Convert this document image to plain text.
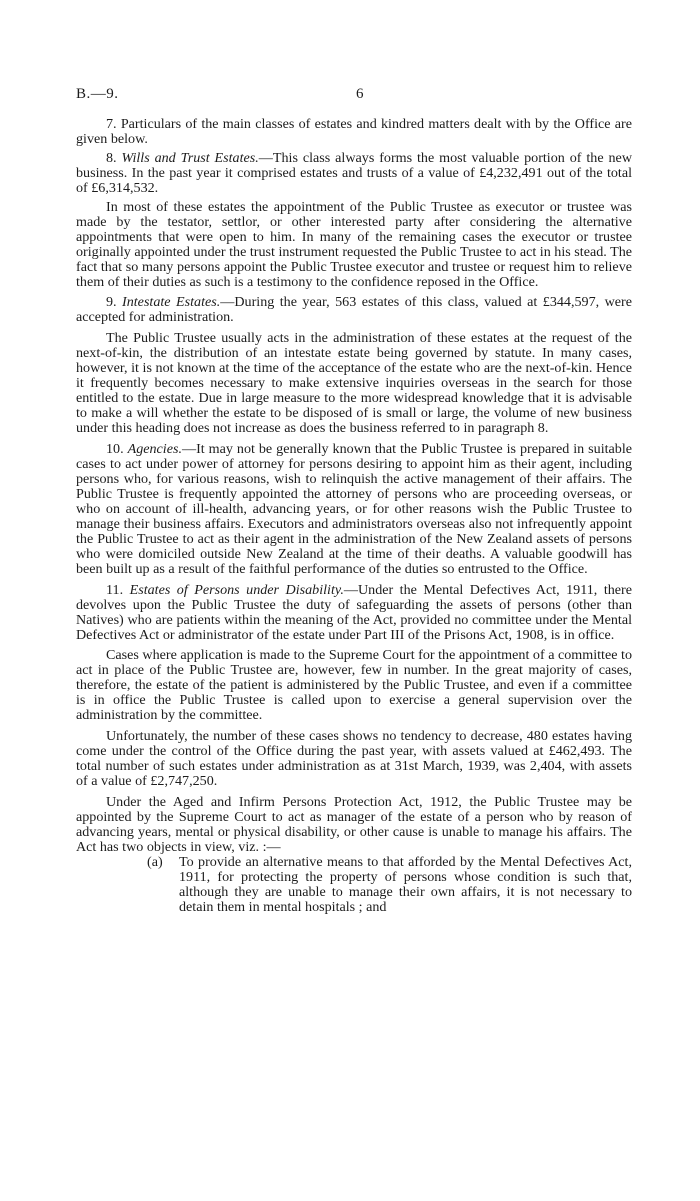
B.—9.	6

7. Particulars of the main classes of estates and kindred matters dealt with by the Office are given below.

8. Wills and Trust Estates.—This class always forms the most valuable portion of the new business. In the past year it comprised estates and trusts of a value of £4,232,491 out of the total of £6,314,532.

In most of these estates the appointment of the Public Trustee as executor or trustee was made by the testator, settlor, or other interested party after considering the alternative appointments that were open to him. In many of the remaining cases the executor or trustee originally appointed under the trust instrument requested the Public Trustee to act in his stead. The fact that so many persons appoint the Public Trustee executor and trustee or request him to relieve them of their duties as such is a testimony to the confidence reposed in the Office.

9. Intestate Estates.—During the year, 563 estates of this class, valued at £344,597, were accepted for administration.

The Public Trustee usually acts in the administration of these estates at the request of the next-of-kin, the distribution of an intestate estate being governed by statute. In many cases, however, it is not known at the time of the acceptance of the estate who are the next-of-kin. Hence it frequently becomes necessary to make extensive inquiries overseas in the search for those entitled to the estate. Due in large measure to the more widespread knowledge that it is advisable to make a will whether the estate to be disposed of is small or large, the volume of new business under this heading does not increase as does the business referred to in paragraph 8.

10. Agencies.—It may not be generally known that the Public Trustee is prepared in suitable cases to act under power of attorney for persons desiring to appoint him as their agent, including persons who, for various reasons, wish to relinquish the active management of their affairs. The Public Trustee is frequently appointed the attorney of persons who are proceeding overseas, or who on account of ill-health, advancing years, or for other reasons wish the Public Trustee to manage their business affairs. Executors and administrators overseas also not infrequently appoint the Public Trustee to act as their agent in the administration of the New Zealand assets of persons who were domiciled outside New Zealand at the time of their deaths. A valuable goodwill has been built up as a result of the faithful performance of the duties so entrusted to the Office.

11. Estates of Persons under Disability.—Under the Mental Defectives Act, 1911, there devolves upon the Public Trustee the duty of safeguarding the assets of persons (other than Natives) who are patients within the meaning of the Act, provided no committee under the Mental Defectives Act or administrator of the estate under Part III of the Prisons Act, 1908, is in office.

Cases where application is made to the Supreme Court for the appointment of a committee to act in place of the Public Trustee are, however, few in number. In the great majority of cases, therefore, the estate of the patient is administered by the Public Trustee, and even if a committee is in office the Public Trustee is called upon to exercise a general supervision over the administration by the committee.

Unfortunately, the number of these cases shows no tendency to decrease, 480 estates having come under the control of the Office during the past year, with assets valued at £462,493. The total number of such estates under administration as at 31st March, 1939, was 2,404, with assets of a value of £2,747,250.

Under the Aged and Infirm Persons Protection Act, 1912, the Public Trustee may be appointed by the Supreme Court to act as manager of the estate of a person who by reason of advancing years, mental or physical disability, or other cause is unable to manage his affairs. The Act has two objects in view, viz. :—

(a) To provide an alternative means to that afforded by the Mental Defectives Act, 1911, for protecting the property of persons whose condition is such that, although they are unable to manage their own affairs, it is not necessary to detain them in mental hospitals ; and
